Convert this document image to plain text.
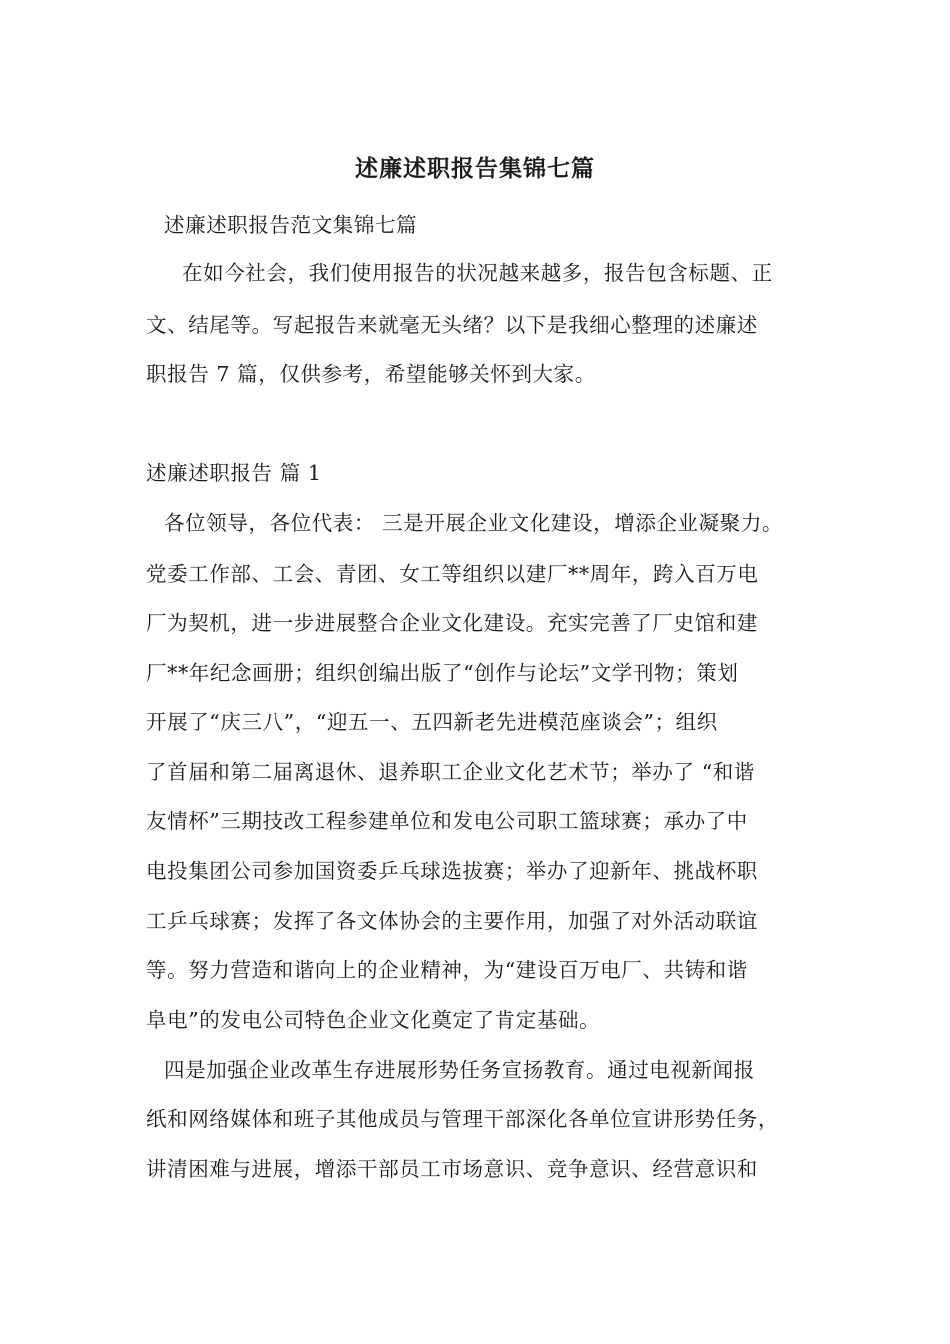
述廉述职报告集锦七篇
述廉述职报告范文集锦七篇
在如今社会，我们使用报告的状况越来越多，报告包含标题、正
文、结尾等。写起报告来就毫无头绪？以下是我细心整理的述廉述
职报告 7 篇，仅供参考，希望能够关怀到大家。
述廉述职报告 篇 1
各位领导，各位代表： 三是开展企业文化建设，增添企业凝聚力。
党委工作部、工会、青团、女工等组织以建厂**周年，跨入百万电
厂为契机，进一步进展整合企业文化建设。充实完善了厂史馆和建
厂**年纪念画册；组织创编出版了“创作与论坛”文学刊物；策划
开展了“庆三八”，“迎五一、五四新老先进模范座谈会”；组织
了首届和第二届离退休、退养职工企业文化艺术节；举办了 “和谐
友情杯”三期技改工程参建单位和发电公司职工篮球赛；承办了中
电投集团公司参加国资委乒乓球选拔赛；举办了迎新年、挑战杯职
工乒乓球赛；发挥了各文体协会的主要作用，加强了对外活动联谊
等。努力营造和谐向上的企业精神，为“建设百万电厂、共铸和谐
阜电”的发电公司特色企业文化奠定了肯定基础。
四是加强企业改革生存进展形势任务宣扬教育。通过电视新闻报
纸和网络媒体和班子其他成员与管理干部深化各单位宣讲形势任务，
讲清困难与进展，增添干部员工市场意识、竞争意识、经营意识和
